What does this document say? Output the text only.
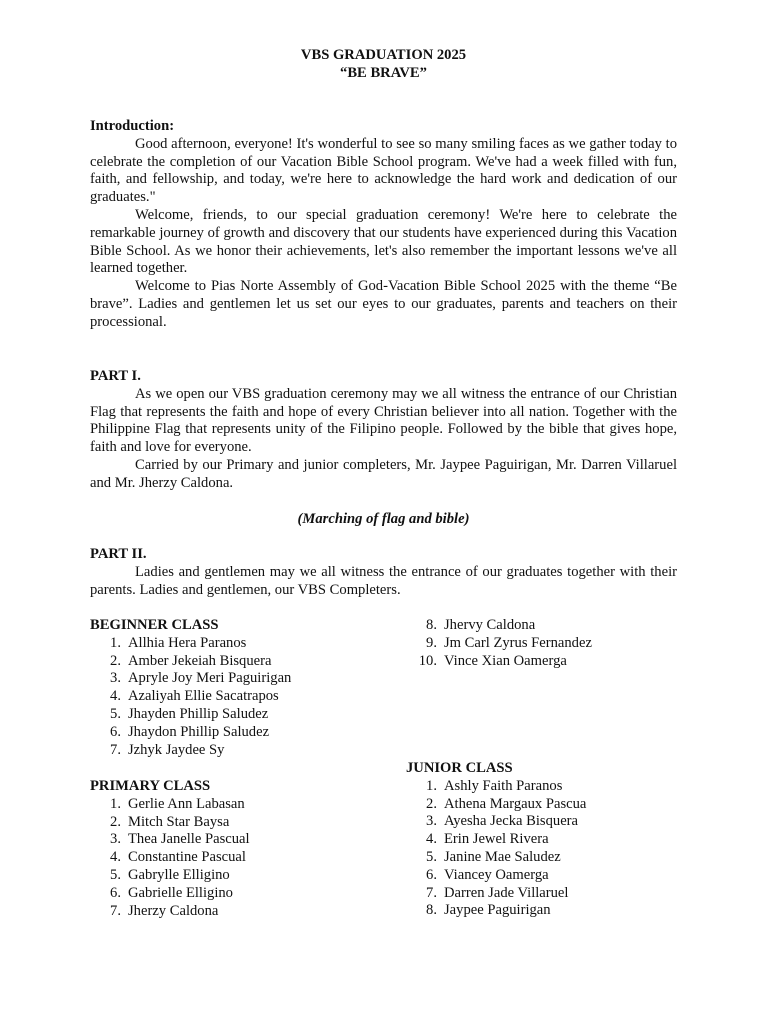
VBS GRADUATION 2025
“BE BRAVE”
Introduction:

Good afternoon, everyone! It's wonderful to see so many smiling faces as we gather today to celebrate the completion of our Vacation Bible School program. We've had a week filled with fun, faith, and fellowship, and today, we're here to acknowledge the hard work and dedication of our graduates."

Welcome, friends, to our special graduation ceremony! We're here to celebrate the remarkable journey of growth and discovery that our students have experienced during this Vacation Bible School. As we honor their achievements, let's also remember the important lessons we've all learned together.

Welcome to Pias Norte Assembly of God-Vacation Bible School 2025 with the theme “Be brave”. Ladies and gentlemen let us set our eyes to our graduates, parents and teachers on their processional.

PART I.

As we open our VBS graduation ceremony may we all witness the entrance of our Christian Flag that represents the faith and hope of every Christian believer into all nation. Together with the Philippine Flag that represents unity of the Filipino people. Followed by the bible that gives hope, faith and love for everyone.

Carried by our Primary and junior completers, Mr. Jaypee Paguirigan, Mr. Darren Villaruel and Mr. Jherzy Caldona.

(Marching of flag and bible)
PART II.

Ladies and gentlemen may we all witness the entrance of our graduates together with their parents. Ladies and gentlemen, our VBS Completers.

BEGINNER CLASS
1. Allhia Hera Paranos
2. Amber Jekeiah Bisquera
3. Apryle Joy Meri Paguirigan
4. Azaliyah Ellie Sacatrapos
5. Jhayden Phillip Saludez
6. Jhaydon Phillip Saludez
7. Jzhyk Jaydee Sy
8. Jhervy Caldona
9. Jm Carl Zyrus Fernandez
10. Vince Xian Oamerga
PRIMARY CLASS
1. Gerlie Ann Labasan
2. Mitch Star Baysa
3. Thea Janelle Pascual
4. Constantine Pascual
5. Gabrylle Elligino
6. Gabrielle Elligino
7. Jherzy Caldona
JUNIOR CLASS
1. Ashly Faith Paranos
2. Athena Margaux Pascua
3. Ayesha Jecka Bisquera
4. Erin Jewel Rivera
5. Janine Mae Saludez
6. Viancey Oamerga
7. Darren Jade Villaruel
8. Jaypee Paguirigan
